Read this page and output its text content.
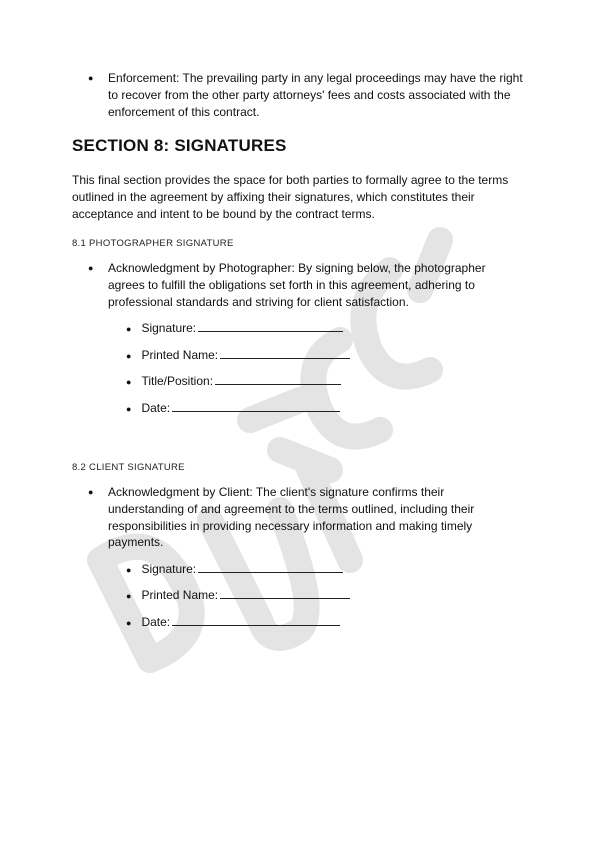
● Enforcement: The prevailing party in any legal proceedings may have the right to recover from the other party attorneys' fees and costs associated with the enforcement of this contract.

SECTION 8: SIGNATURES

This final section provides the space for both parties to formally agree to the terms outlined in the agreement by affixing their signatures, which constitutes their acceptance and intent to be bound by the contract terms.

8.1 PHOTOGRAPHER SIGNATURE

● Acknowledgment by Photographer: By signing below, the photographer agrees to fulfill the obligations set forth in this agreement, adhering to professional standards and striving for client satisfaction.

● Signature:
● Printed Name:
● Title/Position:
● Date:

8.2 CLIENT SIGNATURE

● Acknowledgment by Client: The client's signature confirms their understanding of and agreement to the terms outlined, including their responsibilities in providing necessary information and making timely payments.

● Signature:
● Printed Name:
● Date:
